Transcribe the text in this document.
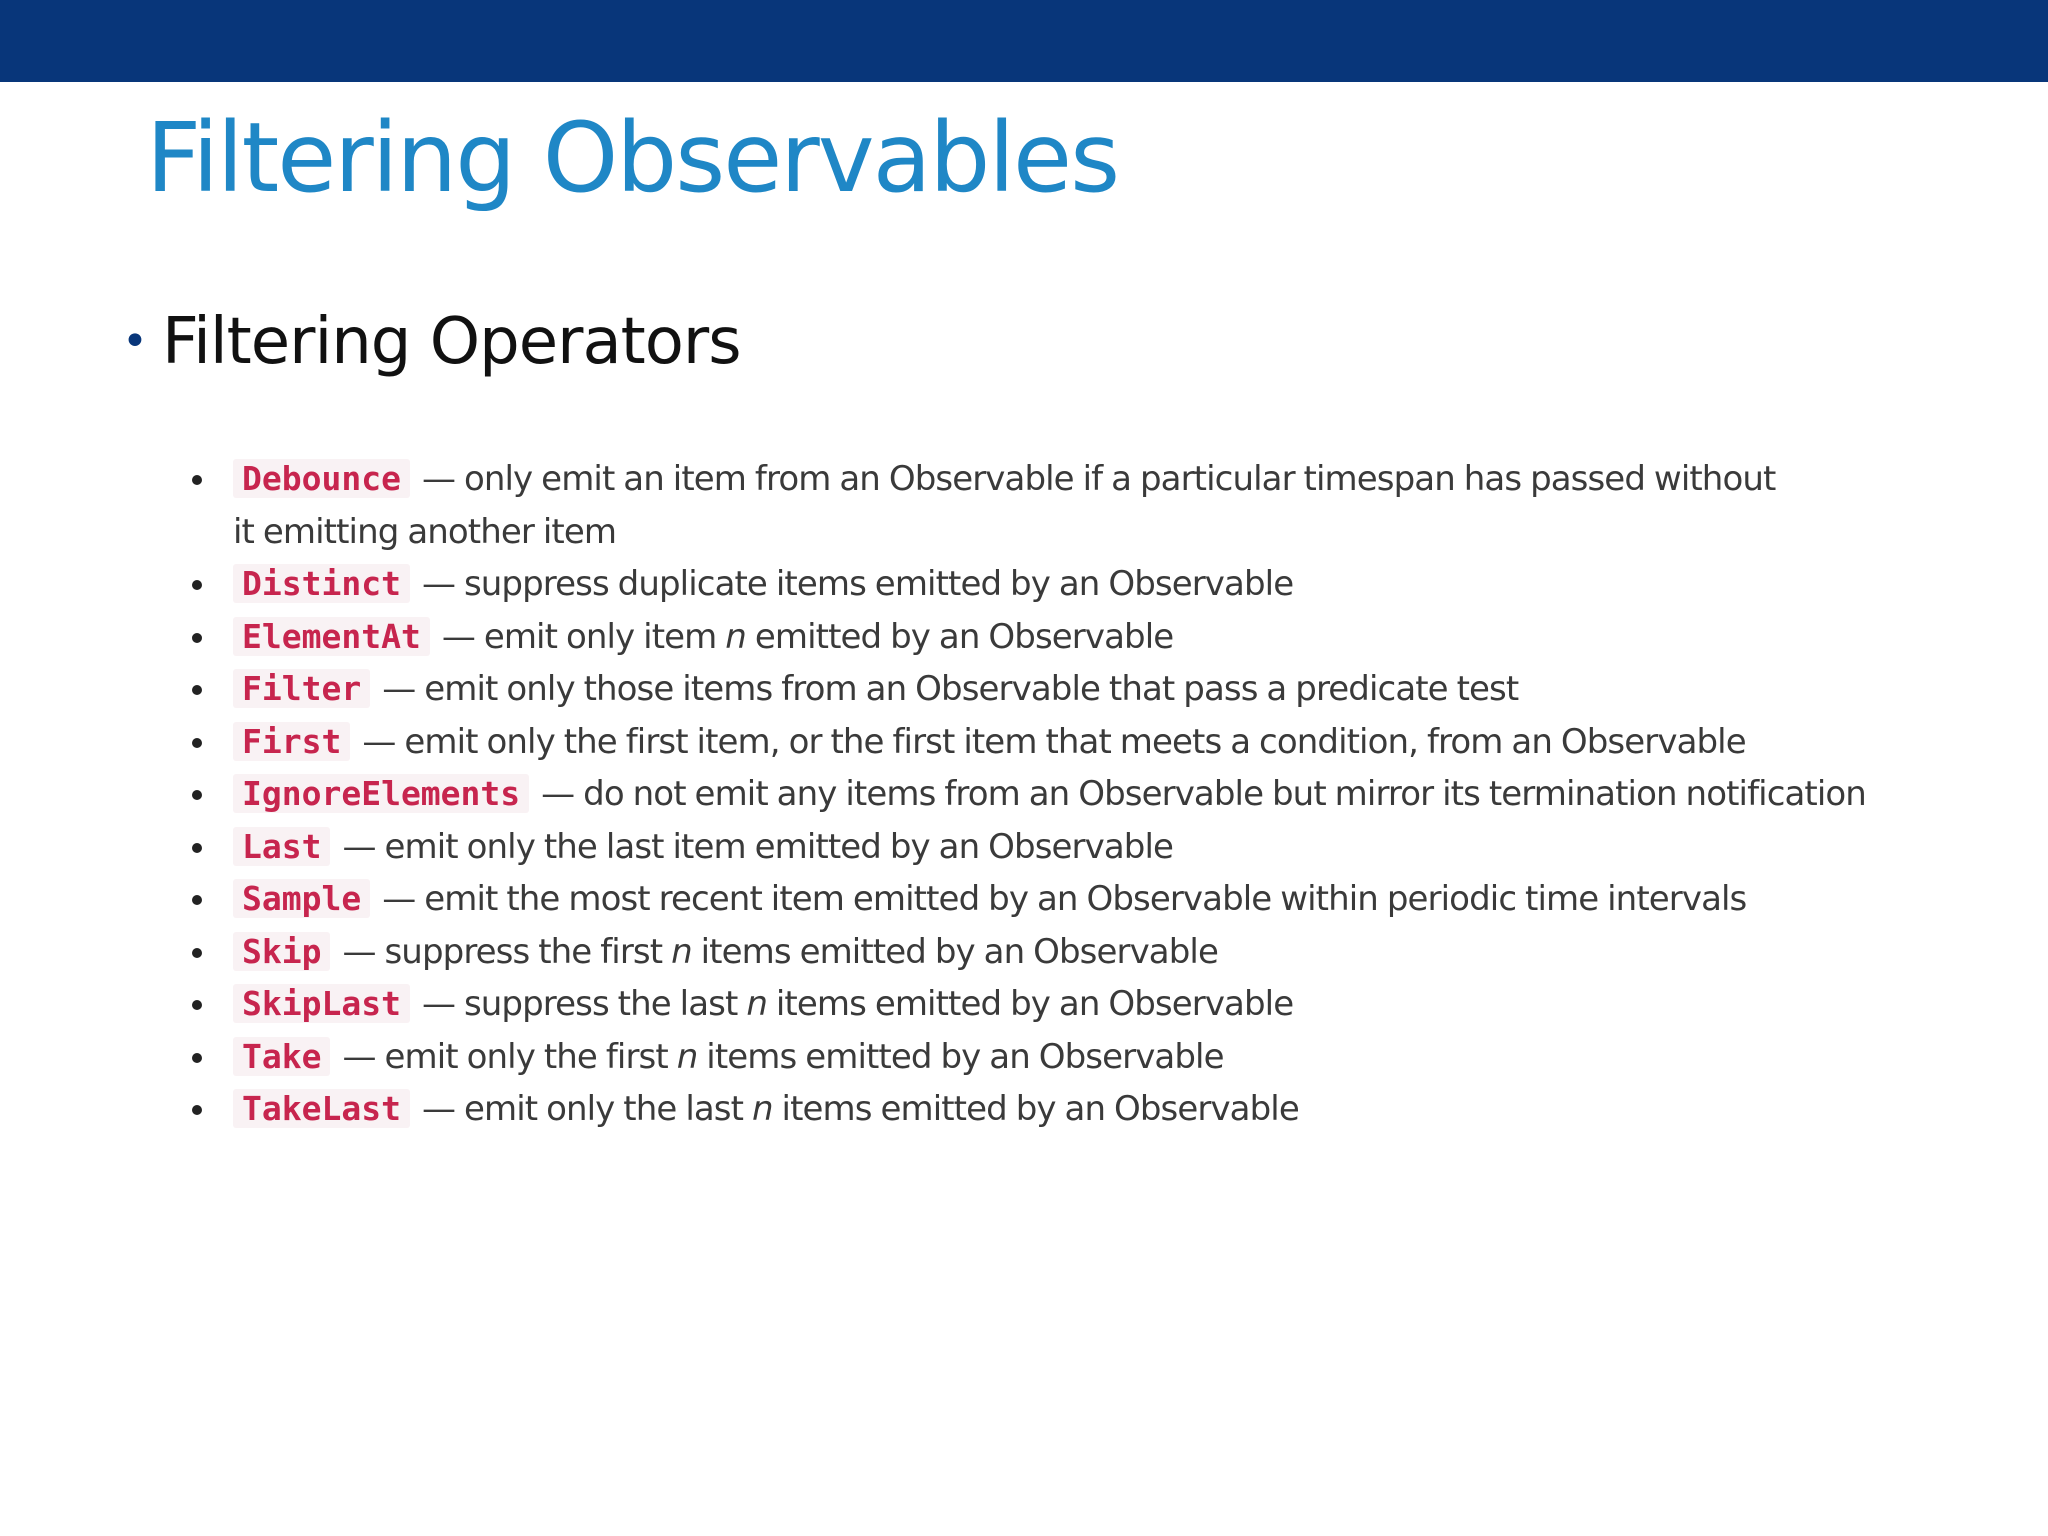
Filtering Observables
• Filtering Operators
Debounce — only emit an item from an Observable if a particular timespan has passed without it emitting another item
Distinct — suppress duplicate items emitted by an Observable
ElementAt — emit only item n emitted by an Observable
Filter — emit only those items from an Observable that pass a predicate test
First — emit only the first item, or the first item that meets a condition, from an Observable
IgnoreElements — do not emit any items from an Observable but mirror its termination notification
Last — emit only the last item emitted by an Observable
Sample — emit the most recent item emitted by an Observable within periodic time intervals
Skip — suppress the first n items emitted by an Observable
SkipLast — suppress the last n items emitted by an Observable
Take — emit only the first n items emitted by an Observable
TakeLast — emit only the last n items emitted by an Observable
